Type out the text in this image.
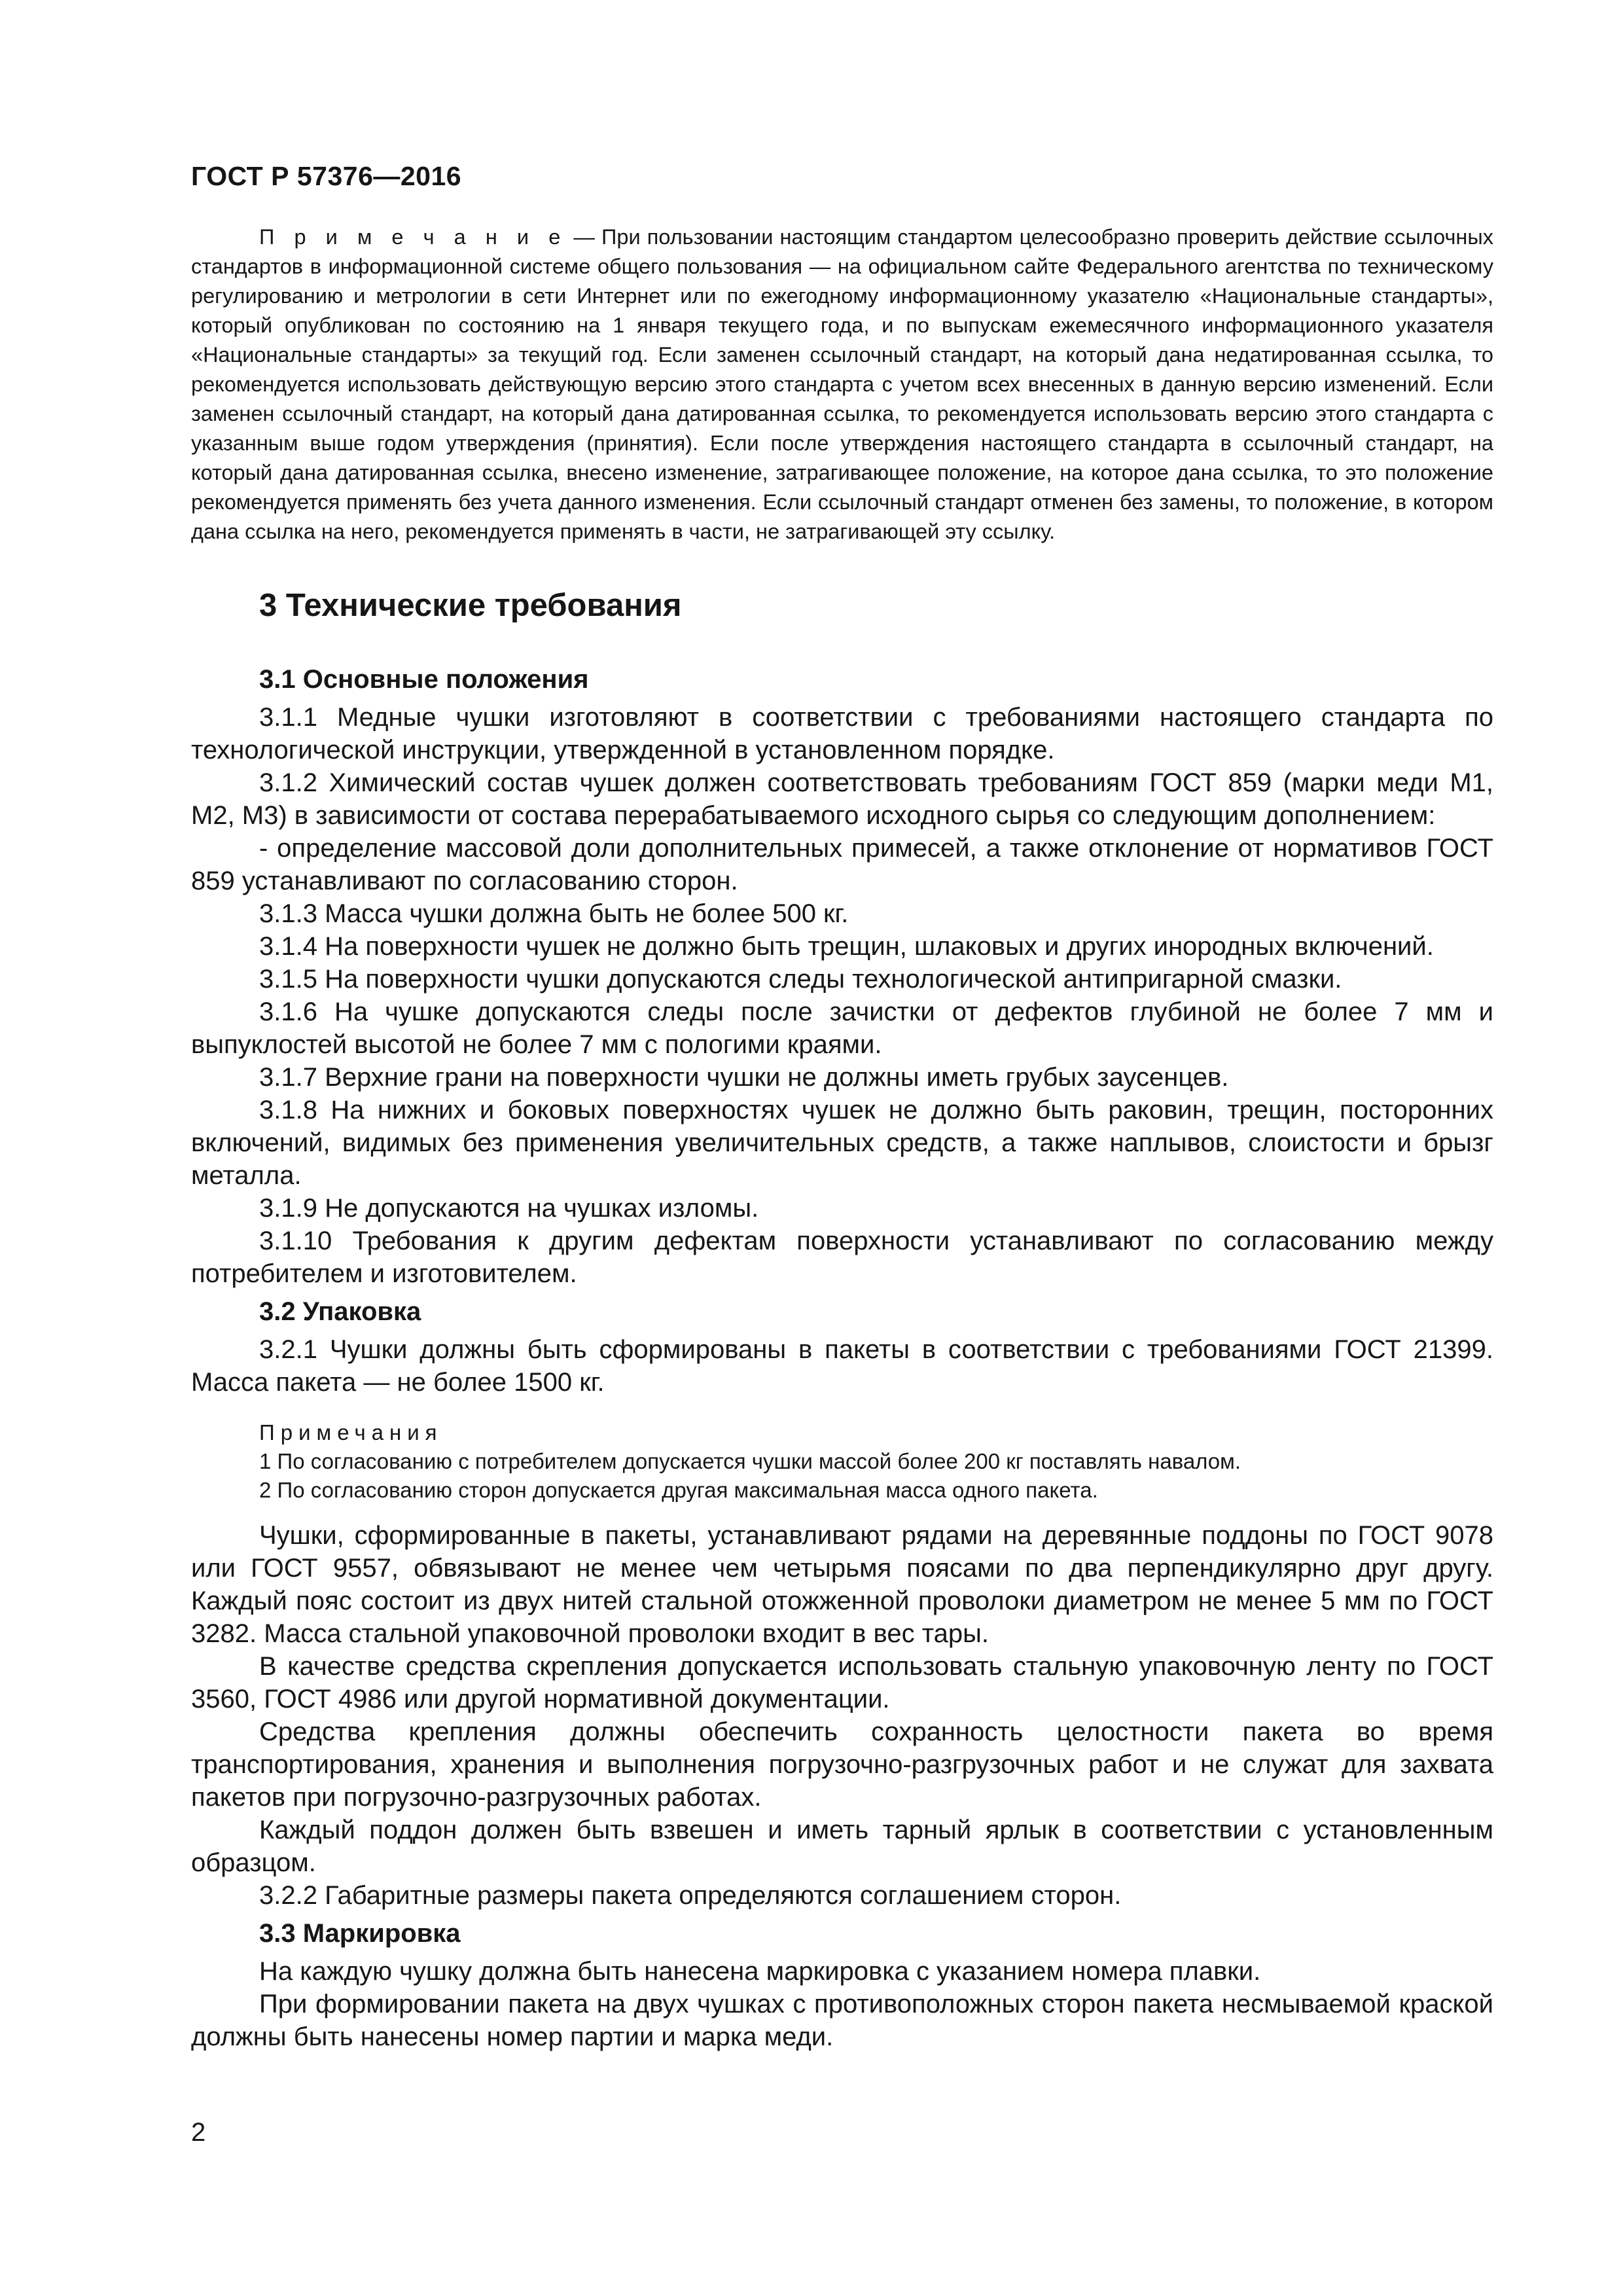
ГОСТ Р 57376—2016

П р и м е ч а н и е — При пользовании настоящим стандартом целесообразно проверить действие ссылочных стандартов в информационной системе общего пользования — на официальном сайте Федерального агентства по техническому регулированию и метрологии в сети Интернет или по ежегодному информационному указателю «Национальные стандарты», который опубликован по состоянию на 1 января текущего года, и по выпускам ежемесячного информационного указателя «Национальные стандарты» за текущий год. Если заменен ссылочный стандарт, на который дана недатированная ссылка, то рекомендуется использовать действующую версию этого стандарта с учетом всех внесенных в данную версию изменений. Если заменен ссылочный стандарт, на который дана датированная ссылка, то рекомендуется использовать версию этого стандарта с указанным выше годом утверждения (принятия). Если после утверждения настоящего стандарта в ссылочный стандарт, на который дана датированная ссылка, внесено изменение, затрагивающее положение, на которое дана ссылка, то это положение рекомендуется применять без учета данного изменения. Если ссылочный стандарт отменен без замены, то положение, в котором дана ссылка на него, рекомендуется применять в части, не затрагивающей эту ссылку.

3 Технические требования
3.1 Основные положения

3.1.1 Медные чушки изготовляют в соответствии с требованиями настоящего стандарта по технологической инструкции, утвержденной в установленном порядке.

3.1.2 Химический состав чушек должен соответствовать требованиям ГОСТ 859 (марки меди М1, М2, М3) в зависимости от состава перерабатываемого исходного сырья со следующим дополнением:

- определение массовой доли дополнительных примесей, а также отклонение от нормативов ГОСТ 859 устанавливают по согласованию сторон.

3.1.3 Масса чушки должна быть не более 500 кг.

3.1.4 На поверхности чушек не должно быть трещин, шлаковых и других инородных включений.

3.1.5 На поверхности чушки допускаются следы технологической антипригарной смазки.

3.1.6 На чушке допускаются следы после зачистки от дефектов глубиной не более 7 мм и выпуклостей высотой не более 7 мм с пологими краями.

3.1.7 Верхние грани на поверхности чушки не должны иметь грубых заусенцев.

3.1.8 На нижних и боковых поверхностях чушек не должно быть раковин, трещин, посторонних включений, видимых без применения увеличительных средств, а также наплывов, слоистости и брызг металла.

3.1.9 Не допускаются на чушках изломы.

3.1.10 Требования к другим дефектам поверхности устанавливают по согласованию между потребителем и изготовителем.

3.2 Упаковка

3.2.1 Чушки должны быть сформированы в пакеты в соответствии с требованиями ГОСТ 21399. Масса пакета — не более 1500 кг.

Примечания

1 По согласованию с потребителем допускается чушки массой более 200 кг поставлять навалом.

2 По согласованию сторон допускается другая максимальная масса одного пакета.

Чушки, сформированные в пакеты, устанавливают рядами на деревянные поддоны по ГОСТ 9078 или ГОСТ 9557, обвязывают не менее чем четырьмя поясами по два перпендикулярно друг другу. Каждый пояс состоит из двух нитей стальной отожженной проволоки диаметром не менее 5 мм по ГОСТ 3282. Масса стальной упаковочной проволоки входит в вес тары.

В качестве средства скрепления допускается использовать стальную упаковочную ленту по ГОСТ 3560, ГОСТ 4986 или другой нормативной документации.

Средства крепления должны обеспечить сохранность целостности пакета во время транспортирования, хранения и выполнения погрузочно-разгрузочных работ и не служат для захвата пакетов при погрузочно-разгрузочных работах.

Каждый поддон должен быть взвешен и иметь тарный ярлык в соответствии с установленным образцом.

3.2.2 Габаритные размеры пакета определяются соглашением сторон.

3.3 Маркировка

На каждую чушку должна быть нанесена маркировка с указанием номера плавки.

При формировании пакета на двух чушках с противоположных сторон пакета несмываемой краской должны быть нанесены номер партии и марка меди.

2
